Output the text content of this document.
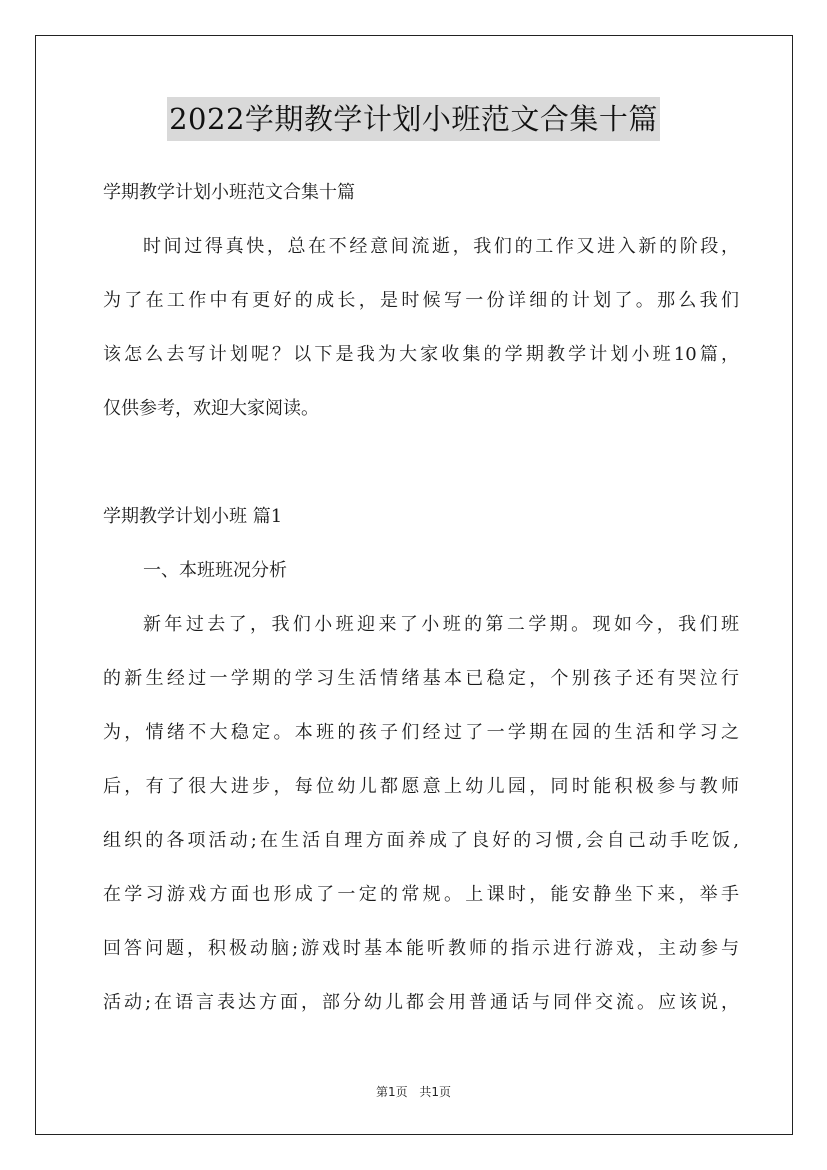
2022学期教学计划小班范文合集十篇
学期教学计划小班范文合集十篇
时间过得真快，总在不经意间流逝，我们的工作又进入新的阶段，
为了在工作中有更好的成长，是时候写一份详细的计划了。那么我们
该怎么去写计划呢？以下是我为大家收集的学期教学计划小班10篇，
仅供参考，欢迎大家阅读。
学期教学计划小班 篇1
一、本班班况分析
新年过去了，我们小班迎来了小班的第二学期。现如今，我们班
的新生经过一学期的学习生活情绪基本已稳定，个别孩子还有哭泣行
为，情绪不大稳定。本班的孩子们经过了一学期在园的生活和学习之
后，有了很大进步，每位幼儿都愿意上幼儿园，同时能积极参与教师
组织的各项活动;在生活自理方面养成了良好的习惯,会自己动手吃饭,
在学习游戏方面也形成了一定的常规。上课时，能安静坐下来，举手
回答问题，积极动脑;游戏时基本能听教师的指示进行游戏，主动参与
活动;在语言表达方面，部分幼儿都会用普通话与同伴交流。应该说，
第1页 共1页
